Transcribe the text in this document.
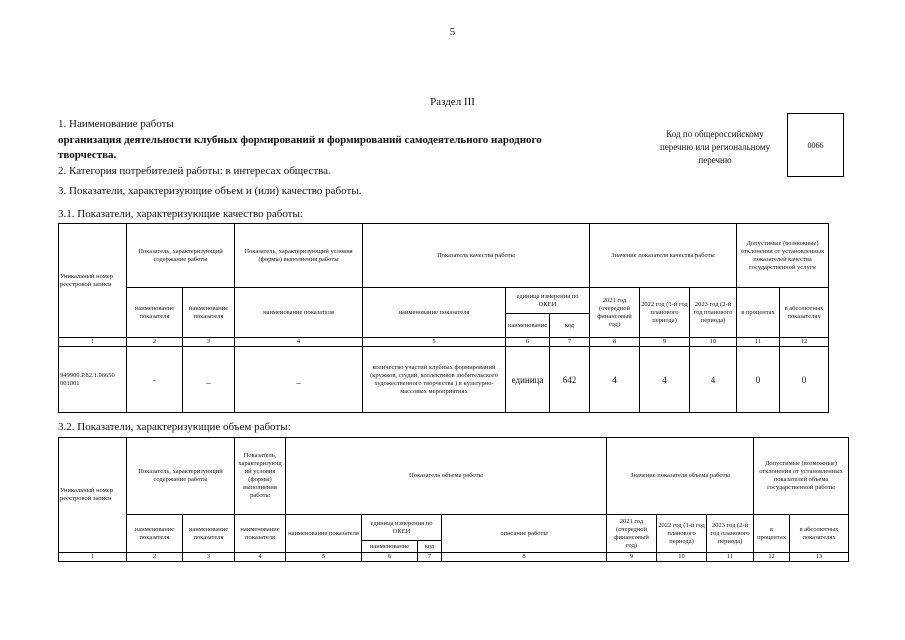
5
Раздел III
1. Наименование работы
организация деятельности клубных формирований и формирований самодеятельного народного
творчества.
2. Категория потребителей работы: в интересах общества.
3. Показатели, характеризующие объем и (или) качество работы.
3.1. Показатели, характеризующие качество работы:
Код по общероссийскому
перечню или региональному
перечню
0066
Уникальный номер реестровой записи	Показатель, характеризующий содержание работы		Показатель, характеризующий условия (формы) выполнения работы	Показатель качества работы			Значение показателя качества работы			Допустимые (возможные) отклонения от установленных показателей качества государственной услуги	
	наименование показателя	наименование показателя	наименование показателя	наименование показателя	единица измерения по ОКЕИ		2021 год (очередной финансовый год)	2022 год (1-й год планового периода)	2023 год (2-й год планового периода)	в процентах	в абсолютных показателях
					наименование	код					
1	2	3	4	5	6	7	8	9	10	11	12
949900.Р.82.1.06650 001001	-	_	_	количество участий клубных формирований (кружков, студий, коллективов любительского художественного творчества ) в культурно-массовых мероприятиях	единица	642	4	4	4	0	0
3.2. Показатели, характеризующие объем работы:
Уникальный номер реестровой записи	Показатель, характеризующий содержание работы		Показатель, характеризующ ий условия (формы) выполнения работы	Показатель объема работы				Значение показателя объема работы			Допустимые (возможные) отклонения от установленных показателей объема государственной работы	
	наименование показателя	наименование показателя	наименование показателя	наименование показателя	единица измерения по ОКЕИ		описание работы	2021 год (очередной финансовый год)	2022 год (1-й год планового периода)	2023 год (2-й год планового периода)	в процентах	в абсолютных показателях
					наименование	код						
1	2	3	4	5	6	7	8	9	10	11	12	13
